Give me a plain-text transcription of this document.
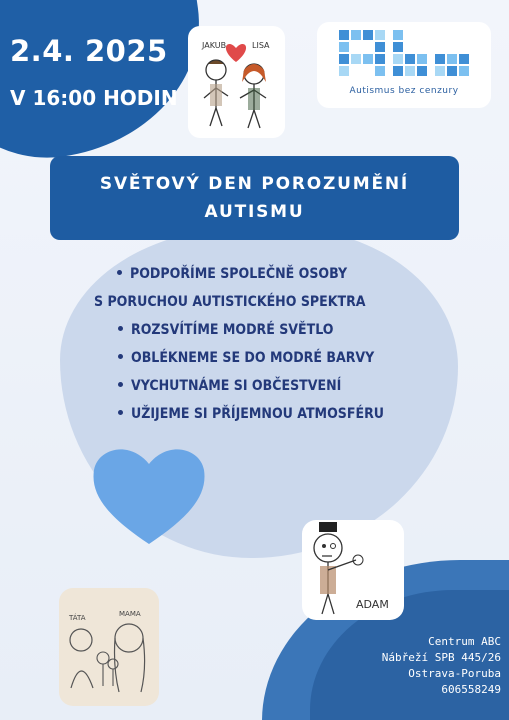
2.4. 2025
V 16:00 HODIN
JAKUB	LISA
Autismus bez cenzury
SVĚTOVÝ DEN POROZUMĚNÍ
AUTISMU
PODPOŘÍME SPOLEČNĚ OSOBY
S PORUCHOU AUTISTICKÉHO SPEKTRA
ROZSVÍTÍME MODRÉ SVĚTLO
OBLÉKNEME SE DO MODRÉ BARVY
VYCHUTNÁME SI OBČESTVENÍ
UŽIJEME SI PŘÍJEMNOU ATMOSFÉRU
ADAM
TÁTA	MAMA
Centrum ABC
Nábřeží SPB 445/26
Ostrava-Poruba
606558249
